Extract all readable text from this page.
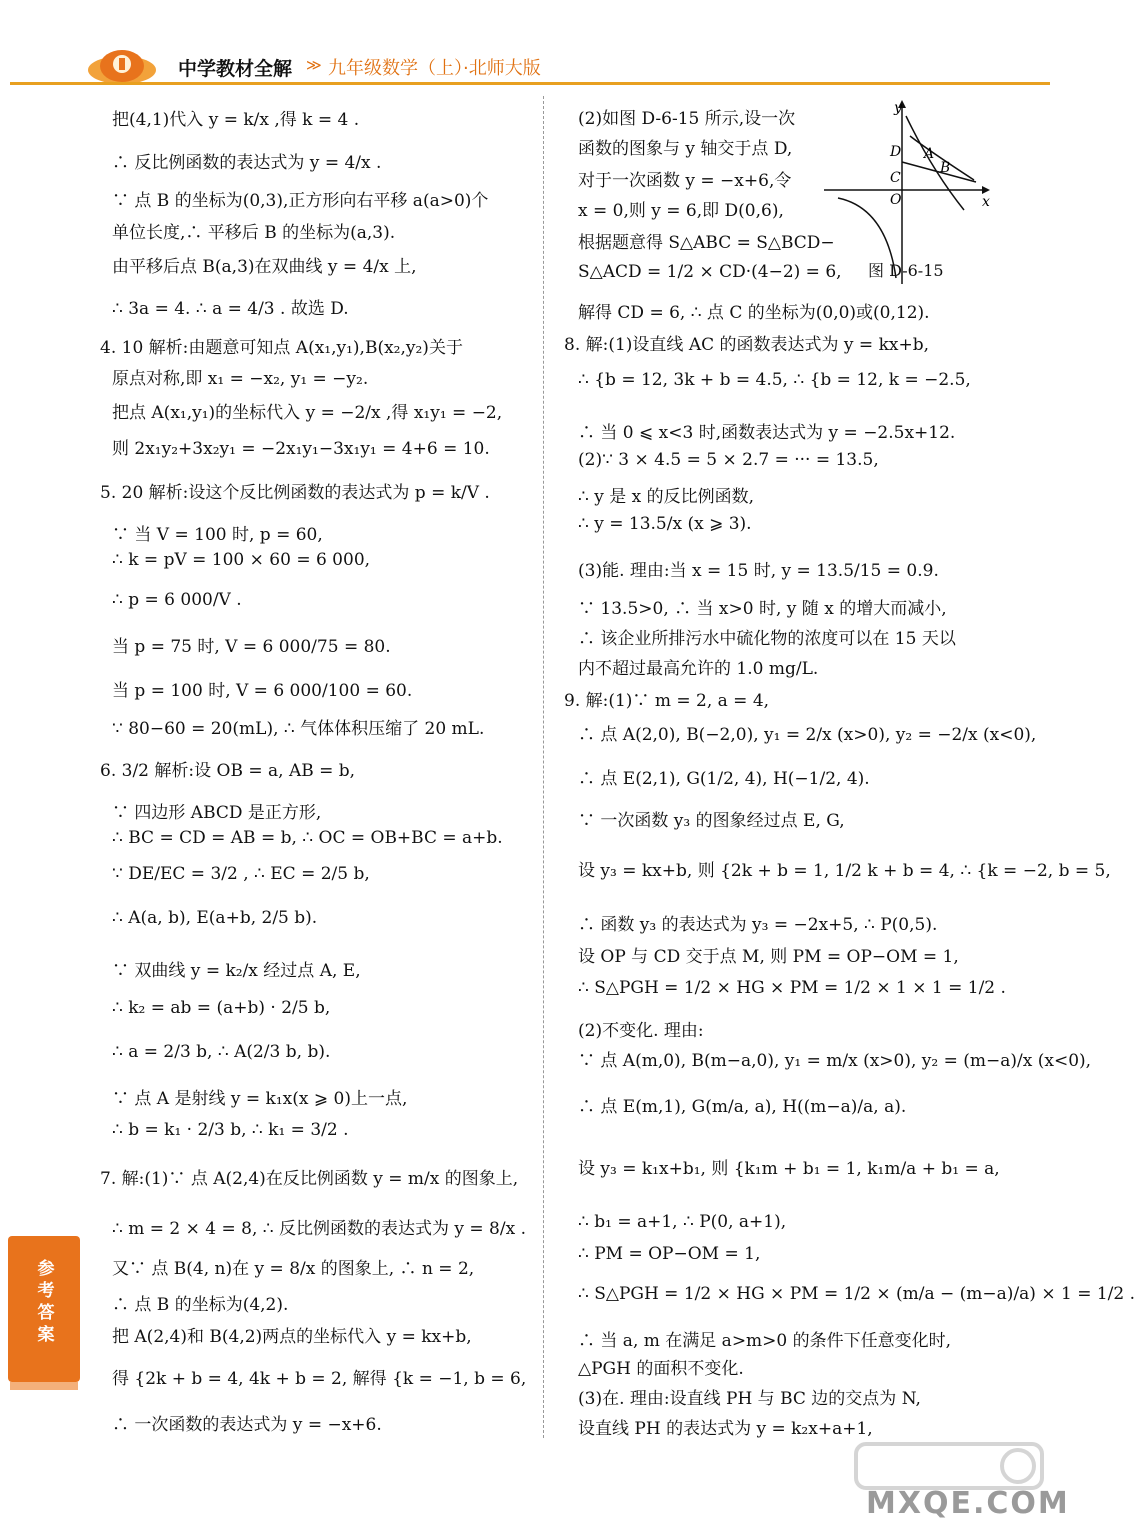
中学教材全解 ≫ 九年级数学（上）·北师大版
参考答案
把(4,1)代入 y = k/x ,得 k = 4 .
∴ 反比例函数的表达式为 y = 4/x .
∵ 点 B 的坐标为(0,3),正方形向右平移 a(a>0)个
单位长度,∴ 平移后 B 的坐标为(a,3).
由平移后点 B(a,3)在双曲线 y = 4/x 上,
∴ 3a = 4. ∴ a = 4/3 . 故选 D.
4. 10 解析:由题意可知点 A(x₁,y₁),B(x₂,y₂)关于
原点对称,即 x₁ = −x₂, y₁ = −y₂.
把点 A(x₁,y₁)的坐标代入 y = −2/x ,得 x₁y₁ = −2,
则 2x₁y₂+3x₂y₁ = −2x₁y₁−3x₁y₁ = 4+6 = 10.
5. 20 解析:设这个反比例函数的表达式为 p = k/V .
∵ 当 V = 100 时, p = 60,
∴ k = pV = 100 × 60 = 6 000,
∴ p = 6 000/V .
当 p = 75 时, V = 6 000/75 = 80.
当 p = 100 时, V = 6 000/100 = 60.
∵ 80−60 = 20(mL), ∴ 气体体积压缩了 20 mL.
6. 3/2 解析:设 OB = a, AB = b,
∵ 四边形 ABCD 是正方形,
∴ BC = CD = AB = b, ∴ OC = OB+BC = a+b.
∵ DE/EC = 3/2 , ∴ EC = 2/5 b,
∴ A(a, b), E(a+b, 2/5 b).
∵ 双曲线 y = k₂/x 经过点 A, E,
∴ k₂ = ab = (a+b) · 2/5 b,
∴ a = 2/3 b, ∴ A(2/3 b, b).
∵ 点 A 是射线 y = k₁x(x ⩾ 0)上一点,
∴ b = k₁ · 2/3 b, ∴ k₁ = 3/2 .
7. 解:(1)∵ 点 A(2,4)在反比例函数 y = m/x 的图象上,
∴ m = 2 × 4 = 8, ∴ 反比例函数的表达式为 y = 8/x .
又∵ 点 B(4, n)在 y = 8/x 的图象上, ∴ n = 2,
∴ 点 B 的坐标为(4,2).
把 A(2,4)和 B(4,2)两点的坐标代入 y = kx+b,
得 {2k + b = 4, 4k + b = 2, 解得 {k = −1, b = 6,
∴ 一次函数的表达式为 y = −x+6.
(2)如图 D-6-15 所示,设一次
函数的图象与 y 轴交于点 D,
对于一次函数 y = −x+6,令
x = 0,则 y = 6,即 D(0,6),
根据题意得 S△ABC = S△BCD−
S△ACD = 1/2 × CD·(4−2) = 6,
y
x
D A
B
C
O
图 D-6-15
解得 CD = 6, ∴ 点 C 的坐标为(0,0)或(0,12).
8. 解:(1)设直线 AC 的函数表达式为 y = kx+b,
∴ {b = 12, 3k + b = 4.5, ∴ {b = 12, k = −2.5,
∴ 当 0 ⩽ x<3 时,函数表达式为 y = −2.5x+12.
(2)∵ 3 × 4.5 = 5 × 2.7 = ··· = 13.5,
∴ y 是 x 的反比例函数,
∴ y = 13.5/x (x ⩾ 3).
(3)能. 理由:当 x = 15 时, y = 13.5/15 = 0.9.
∵ 13.5>0, ∴ 当 x>0 时, y 随 x 的增大而减小,
∴ 该企业所排污水中硫化物的浓度可以在 15 天以
内不超过最高允许的 1.0 mg/L.
9. 解:(1)∵ m = 2, a = 4,
∴ 点 A(2,0), B(−2,0), y₁ = 2/x (x>0), y₂ = −2/x (x<0),
∴ 点 E(2,1), G(1/2, 4), H(−1/2, 4).
∵ 一次函数 y₃ 的图象经过点 E, G,
设 y₃ = kx+b, 则 {2k + b = 1, 1/2 k + b = 4, ∴ {k = −2, b = 5,
∴ 函数 y₃ 的表达式为 y₃ = −2x+5, ∴ P(0,5).
设 OP 与 CD 交于点 M, 则 PM = OP−OM = 1,
∴ S△PGH = 1/2 × HG × PM = 1/2 × 1 × 1 = 1/2 .
(2)不变化. 理由:
∵ 点 A(m,0), B(m−a,0), y₁ = m/x (x>0), y₂ = (m−a)/x (x<0),
∴ 点 E(m,1), G(m/a, a), H((m−a)/a, a).
设 y₃ = k₁x+b₁, 则 {k₁m + b₁ = 1, k₁m/a + b₁ = a,
∴ b₁ = a+1, ∴ P(0, a+1),
∴ PM = OP−OM = 1,
∴ S△PGH = 1/2 × HG × PM = 1/2 × (m/a − (m−a)/a) × 1 = 1/2 .
∴ 当 a, m 在满足 a>m>0 的条件下任意变化时,
△PGH 的面积不变化.
(3)在. 理由:设直线 PH 与 BC 边的交点为 N,
设直线 PH 的表达式为 y = k₂x+a+1,
MXQE.COM
